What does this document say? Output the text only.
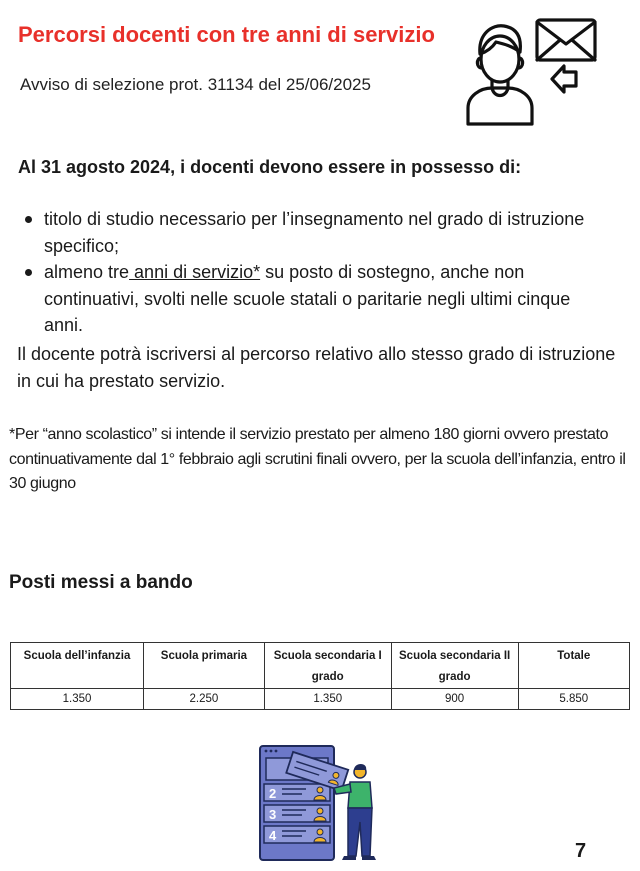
Percorsi docenti con tre anni di servizio
Avviso di selezione prot. 31134 del 25/06/2025
Al 31 agosto 2024, i docenti devono essere in possesso di:
titolo di studio necessario per l’insegnamento nel grado di istruzione specifico;
almeno tre anni di servizio* su posto di sostegno, anche non continuativi, svolti nelle scuole statali o paritarie negli ultimi cinque anni.
Il docente potrà iscriversi al percorso relativo allo stesso grado di istruzione in cui ha prestato servizio.
*Per “anno scolastico” si intende il servizio prestato per almeno 180 giorni ovvero prestato continuativamente dal 1° febbraio agli scrutini finali ovvero, per la scuola dell’infanzia, entro il 30 giugno
Posti messi a bando
Scuola dell’infanzia	Scuola primaria	Scuola secondaria I grado	Scuola secondaria II grado	Totale
1.350	2.250	1.350	900	5.850
2
3
4
7
